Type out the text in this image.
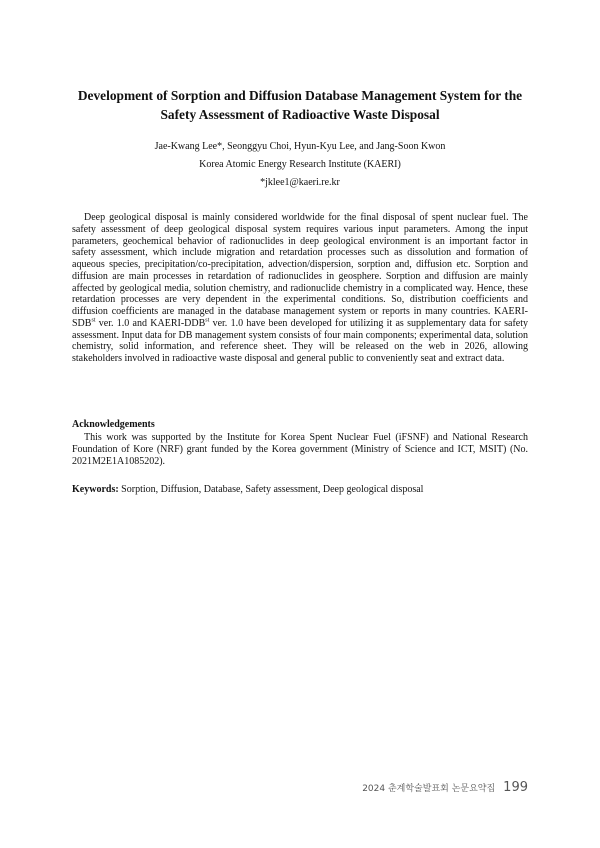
Development of Sorption and Diffusion Database Management System for the
Safety Assessment of Radioactive Waste Disposal
Jae-Kwang Lee*, Seonggyu Choi, Hyun-Kyu Lee, and Jang-Soon Kwon
Korea Atomic Energy Research Institute (KAERI)
*jklee1@kaeri.re.kr

Deep geological disposal is mainly considered worldwide for the final disposal of spent nuclear fuel. The safety assessment of deep geological disposal system requires various input parameters. Among the input parameters, geochemical behavior of radionuclides in deep geological environment is an important factor in safety assessment, which include migration and retardation processes such as dissolution and formation of aqueous species, precipitation/co-precipitation, advection/dispersion, sorption and, diffusion etc. Sorption and diffusion are main processes in retardation of radionuclides in geosphere. Sorption and diffusion are mainly affected by geological media, solution chemistry, and radionuclide chemistry in a complicated way. Hence, these retardation processes are very dependent in the experimental conditions. So, distribution coefficients and diffusion coefficients are managed in the database management system or reports in many countries. KAERI-$SDB^{st}$ ver. 1.0 and KAERI-$DDB^{st}$ ver. 1.0 have been developed for utilizing it as supplementary data for safety assessment. Input data for DB management system consists of four main components; experimental data, solution chemistry, solid information, and reference sheet. They will be released on the web in 2026, allowing stakeholders involved in radioactive waste disposal and general public to conveniently seat and extract data.

Acknowledgements

This work was supported by the Institute for Korea Spent Nuclear Fuel (iFSNF) and National Research Foundation of Kore (NRF) grant funded by the Korea government (Ministry of Science and ICT, MSIT) (No. 2021M2E1A1085202).

Keywords: Sorption, Diffusion, Database, Safety assessment, Deep geological disposal
2024 춘계학술발표회 논문요약집 199
